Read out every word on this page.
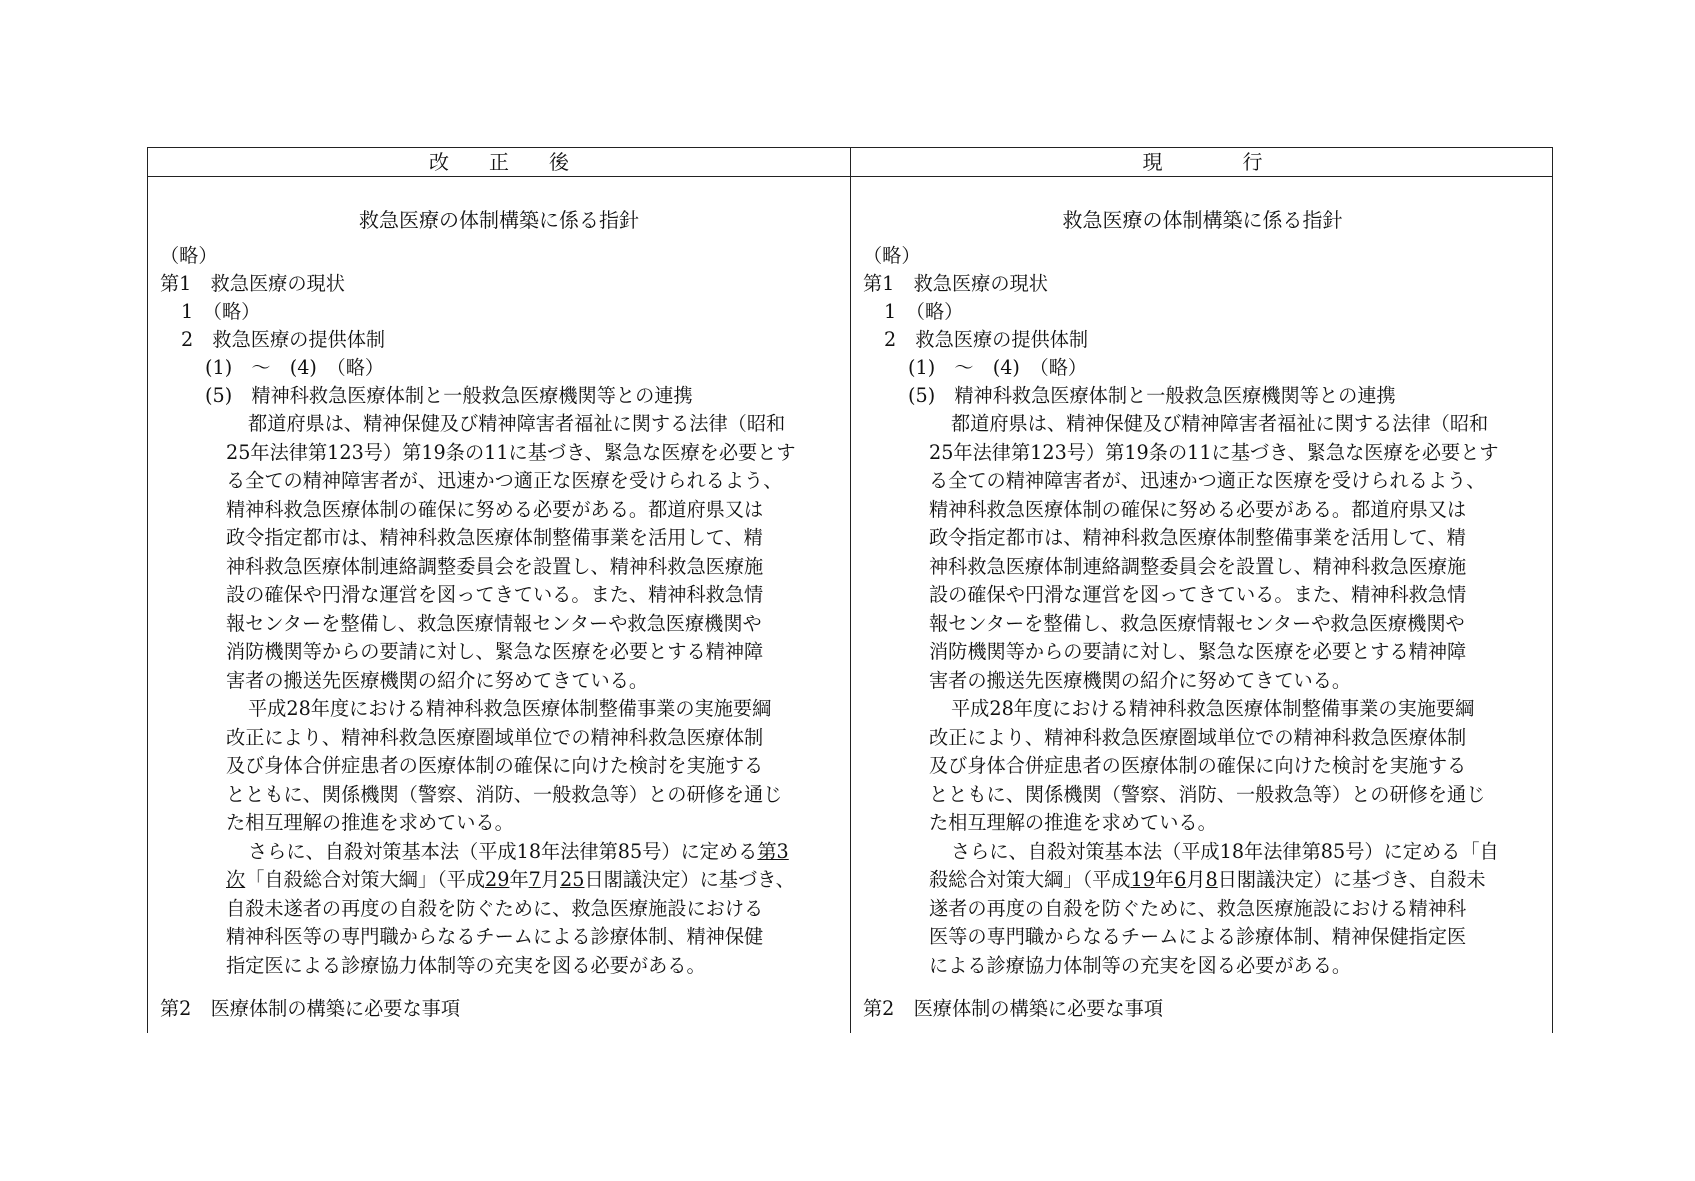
改　　正　　後	現　　　　行
救急医療の体制構築に係る指針
（略）
第1　救急医療の現状
1　（略）
2　救急医療の提供体制
(1)　～　(4)　（略）
(5)　精神科救急医療体制と一般救急医療機関等との連携
都道府県は、精神保健及び精神障害者福祉に関する法律（昭和
25年法律第123号）第19条の11に基づき、緊急な医療を必要とす
る全ての精神障害者が、迅速かつ適正な医療を受けられるよう、
精神科救急医療体制の確保に努める必要がある。都道府県又は
政令指定都市は、精神科救急医療体制整備事業を活用して、精
神科救急医療体制連絡調整委員会を設置し、精神科救急医療施
設の確保や円滑な運営を図ってきている。また、精神科救急情
報センターを整備し、救急医療情報センターや救急医療機関や
消防機関等からの要請に対し、緊急な医療を必要とする精神障
害者の搬送先医療機関の紹介に努めてきている。
平成28年度における精神科救急医療体制整備事業の実施要綱
改正により、精神科救急医療圏域単位での精神科救急医療体制
及び身体合併症患者の医療体制の確保に向けた検討を実施する
とともに、関係機関（警察、消防、一般救急等）との研修を通じ
た相互理解の推進を求めている。
さらに、自殺対策基本法（平成18年法律第85号）に定める第3
次「自殺総合対策大綱」（平成29年7月25日閣議決定）に基づき、
自殺未遂者の再度の自殺を防ぐために、救急医療施設における
精神科医等の専門職からなるチームによる診療体制、精神保健
指定医による診療協力体制等の充実を図る必要がある。
第2　医療体制の構築に必要な事項
救急医療の体制構築に係る指針
（略）
第1　救急医療の現状
1　（略）
2　救急医療の提供体制
(1)　～　(4)　（略）
(5)　精神科救急医療体制と一般救急医療機関等との連携
都道府県は、精神保健及び精神障害者福祉に関する法律（昭和
25年法律第123号）第19条の11に基づき、緊急な医療を必要とす
る全ての精神障害者が、迅速かつ適正な医療を受けられるよう、
精神科救急医療体制の確保に努める必要がある。都道府県又は
政令指定都市は、精神科救急医療体制整備事業を活用して、精
神科救急医療体制連絡調整委員会を設置し、精神科救急医療施
設の確保や円滑な運営を図ってきている。また、精神科救急情
報センターを整備し、救急医療情報センターや救急医療機関や
消防機関等からの要請に対し、緊急な医療を必要とする精神障
害者の搬送先医療機関の紹介に努めてきている。
平成28年度における精神科救急医療体制整備事業の実施要綱
改正により、精神科救急医療圏域単位での精神科救急医療体制
及び身体合併症患者の医療体制の確保に向けた検討を実施する
とともに、関係機関（警察、消防、一般救急等）との研修を通じ
た相互理解の推進を求めている。
さらに、自殺対策基本法（平成18年法律第85号）に定める「自
殺総合対策大綱」（平成19年6月8日閣議決定）に基づき、自殺未
遂者の再度の自殺を防ぐために、救急医療施設における精神科
医等の専門職からなるチームによる診療体制、精神保健指定医
による診療協力体制等の充実を図る必要がある。
第2　医療体制の構築に必要な事項
